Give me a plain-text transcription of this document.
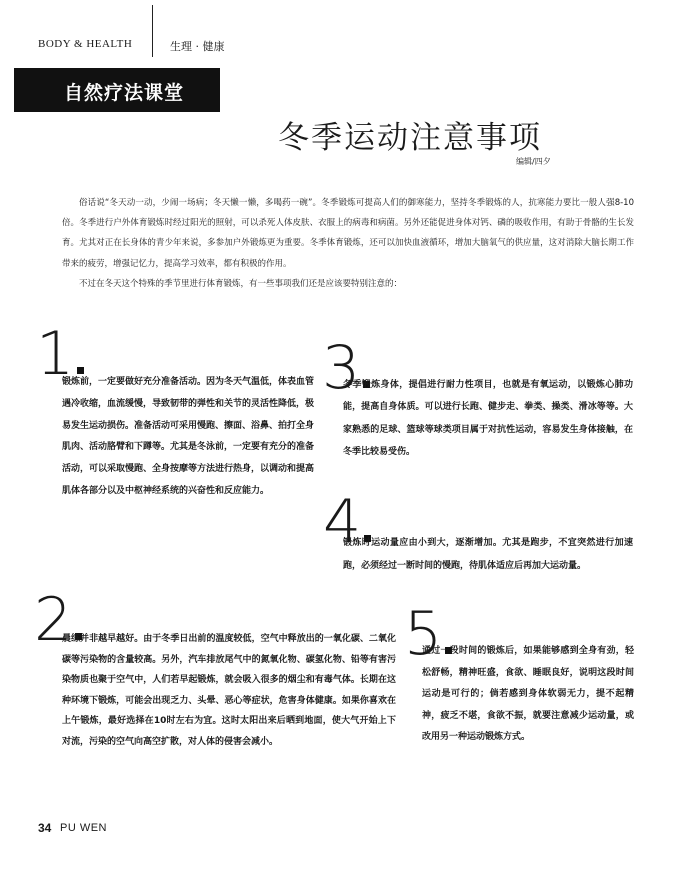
BODY & HEALTH	生理 · 健康
自然疗法课堂
冬季运动注意事项
编辑/四夕

俗话说“冬天动一动，少闹一场病；冬天懒一懒，多喝药一碗”。冬季锻炼可提高人们的御寒能力，坚持冬季锻炼的人，抗寒能力要比一般人强8-10倍。冬季进行户外体育锻炼时经过阳光的照射，可以杀死人体皮肤、衣服上的病毒和病菌。另外还能促进身体对钙、磷的吸收作用，有助于骨骼的生长发育。尤其对正在长身体的青少年来说，多参加户外锻炼更为重要。冬季体育锻炼，还可以加快血液循环，增加大脑氧气的供应量，这对消除大脑长期工作带来的疲劳，增强记忆力，提高学习效率，都有积极的作用。

不过在冬天这个特殊的季节里进行体育锻炼，有一些事项我们还是应该要特别注意的：

1
锻炼前，一定要做好充分准备活动。因为冬天气温低，体表血管遇冷收缩，血流缓慢，导致韧带的弹性和关节的灵活性降低，极易发生运动损伤。准备活动可采用慢跑、擦面、浴鼻、拍打全身肌肉、活动胳臂和下蹲等。尤其是冬泳前，一定要有充分的准备活动，可以采取慢跑、全身按摩等方法进行热身，以调动和提高肌体各部分以及中枢神经系统的兴奋性和反应能力。
2
晨练并非越早越好。由于冬季日出前的温度较低，空气中释放出的一氧化碳、二氧化碳等污染物的含量较高。另外，汽车排放尾气中的氮氧化物、碳氢化物、铅等有害污染物质也聚于空气中，人们若早起锻炼，就会吸入很多的烟尘和有毒气体。长期在这种环境下锻炼，可能会出现乏力、头晕、恶心等症状，危害身体健康。如果你喜欢在上午锻炼，最好选择在10时左右为宜。这时太阳出来后晒到地面，使大气开始上下对流，污染的空气向高空扩散，对人体的侵害会减小。
3
冬季锻炼身体，提倡进行耐力性项目，也就是有氧运动，以锻炼心肺功能，提高自身体质。可以进行长跑、健步走、拳类、操类、滑冰等等。大家熟悉的足球、篮球等球类项目属于对抗性运动，容易发生身体接触，在冬季比较易受伤。
4
锻炼时运动量应由小到大，逐渐增加。尤其是跑步，不宜突然进行加速跑，必须经过一断时间的慢跑，待肌体适应后再加大运动量。
5
通过一段时间的锻炼后，如果能够感到全身有劲，轻松舒畅，精神旺盛，食欲、睡眠良好，说明这段时间运动是可行的；倘若感到身体软弱无力，提不起精神，疲乏不堪，食欲不振，就要注意减少运动量，或改用另一种运动锻炼方式。
34 PU WEN
